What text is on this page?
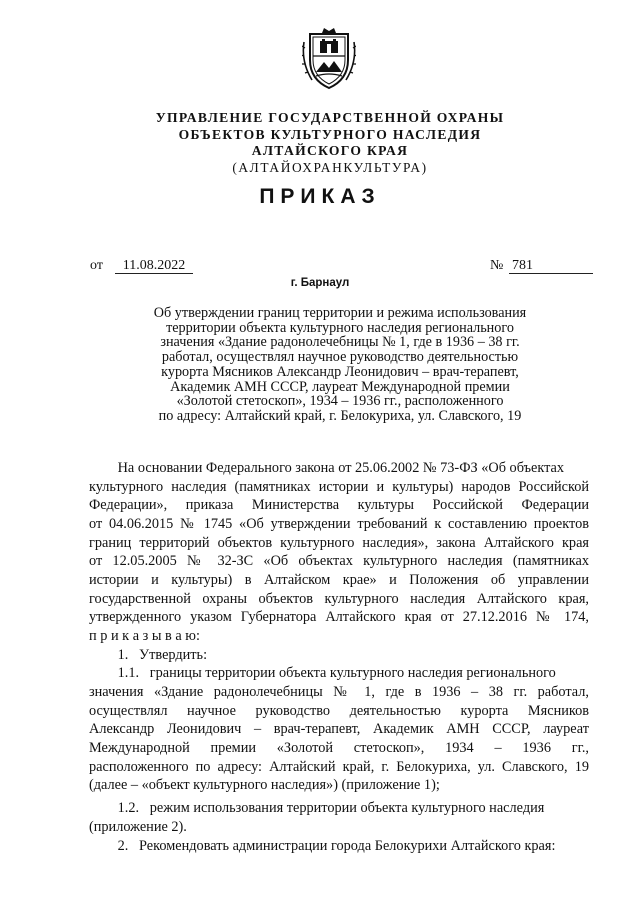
УПРАВЛЕНИЕ ГОСУДАРСТВЕННОЙ ОХРАНЫ
ОБЪЕКТОВ КУЛЬТУРНОГО НАСЛЕДИЯ
АЛТАЙСКОГО КРАЯ
(АЛТАЙОХРАНКУЛЬТУРА)
ПРИКАЗ
от	11.08.2022	№ 781
г. Барнаул
Об утверждении границ территории и режима использования
территории объекта культурного наследия регионального
значения «Здание радонолечебницы № 1, где в 1936 – 38 гг.
работал, осуществлял научное руководство деятельностью
курорта Мясников Александр Леонидович – врач-терапевт,
Академик АМН СССР, лауреат Международной премии
«Золотой стетоскоп», 1934 – 1936 гг., расположенного
по адресу: Алтайский край, г. Белокуриха, ул. Славского, 19
На основании Федерального закона от 25.06.2002 № 73-ФЗ «Об объектах
культурного наследия (памятниках истории и культуры) народов Российской
Федерации», приказа Министерства культуры Российской Федерации
от 04.06.2015 № 1745 «Об утверждении требований к составлению проектов
границ территорий объектов культурного наследия», закона Алтайского края
от 12.05.2005 № 32-ЗС «Об объектах культурного наследия (памятниках
истории и культуры) в Алтайском крае» и Положения об управлении
государственной охраны объектов культурного наследия Алтайского края,
утвержденного указом Губернатора Алтайского края от 27.12.2016 № 174,
п р и к а з ы в а ю:
1.   Утвердить:
1.1.   границы территории объекта культурного наследия регионального
значения «Здание радонолечебницы № 1, где в 1936 – 38 гг. работал,
осуществлял научное руководство деятельностью курорта Мясников
Александр Леонидович – врач-терапевт, Академик АМН СССР, лауреат
Международной премии «Золотой стетоскоп», 1934 – 1936 гг.,
расположенного по адресу: Алтайский край, г. Белокуриха, ул. Славского, 19
(далее – «объект культурного наследия») (приложение 1);
1.2.   режим использования территории объекта культурного наследия
(приложение 2).
2.   Рекомендовать администрации города Белокурихи Алтайского края:
